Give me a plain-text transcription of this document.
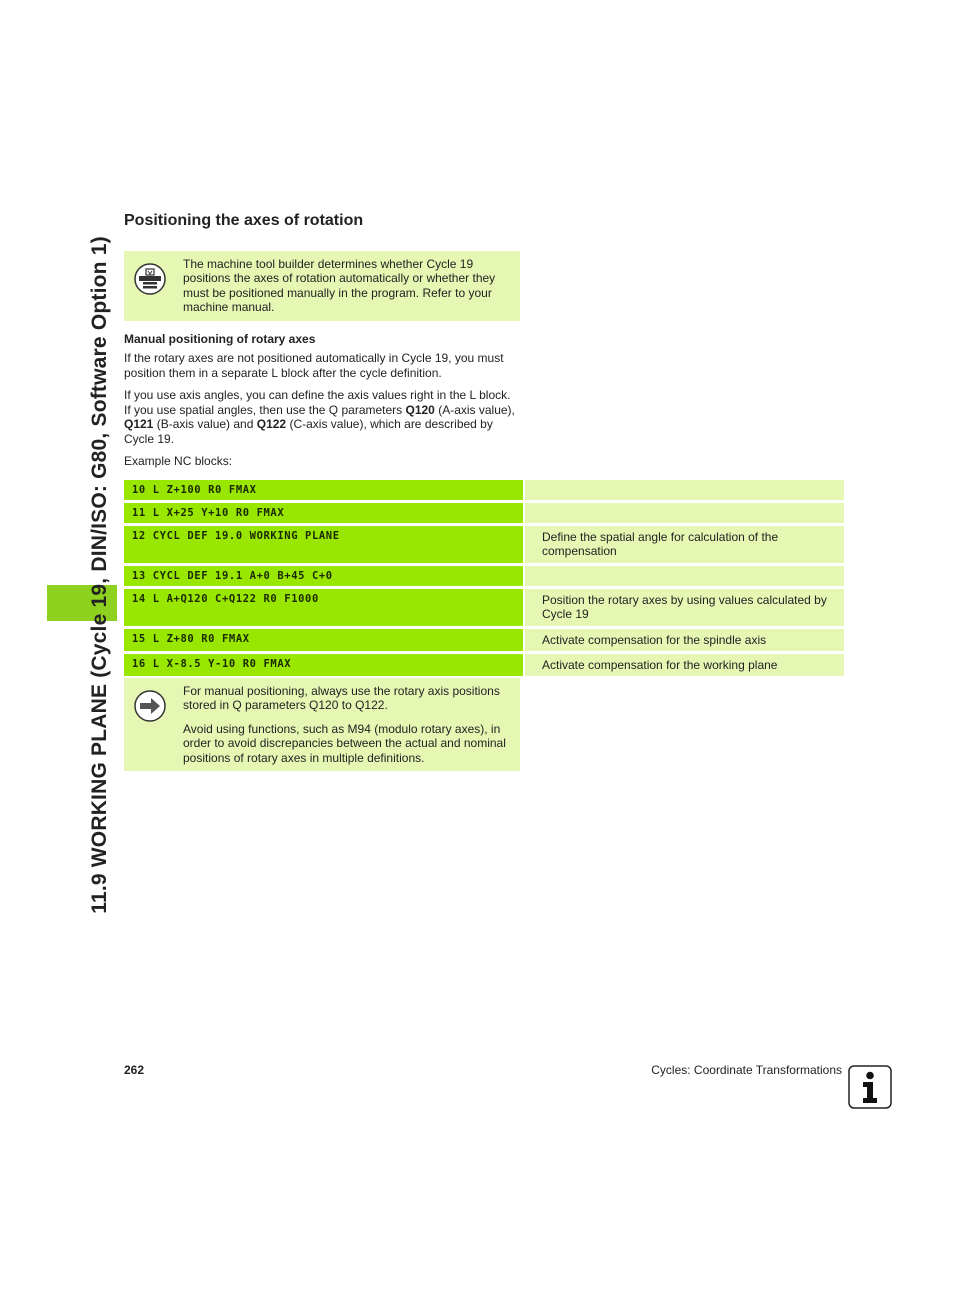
11.9 WORKING PLANE (Cycle 19, DIN/ISO: G80, Software Option 1)
Positioning the axes of rotation

The machine tool builder determines whether Cycle 19 positions the axes of rotation automatically or whether they must be positioned manually in the program. Refer to your machine manual.

Manual positioning of rotary axes

If the rotary axes are not positioned automatically in Cycle 19, you must position them in a separate L block after the cycle definition.

If you use axis angles, you can define the axis values right in the L block. If you use spatial angles, then use the Q parameters Q120 (A-axis value), Q121 (B-axis value) and Q122 (C-axis value), which are described by Cycle 19.

Example NC blocks:

10 L Z+100 R0 FMAX
11 L X+25 Y+10 R0 FMAX
12 CYCL DEF 19.0 WORKING PLANE	Define the spatial angle for calculation of the compensation
13 CYCL DEF 19.1 A+0 B+45 C+0
14 L A+Q120 C+Q122 R0 F1000	Position the rotary axes by using values calculated by Cycle 19
15 L Z+80 R0 FMAX	Activate compensation for the spindle axis
16 L X-8.5 Y-10 R0 FMAX	Activate compensation for the working plane

For manual positioning, always use the rotary axis positions stored in Q parameters Q120 to Q122.

Avoid using functions, such as M94 (modulo rotary axes), in order to avoid discrepancies between the actual and nominal positions of rotary axes in multiple definitions.

262	Cycles: Coordinate Transformations
